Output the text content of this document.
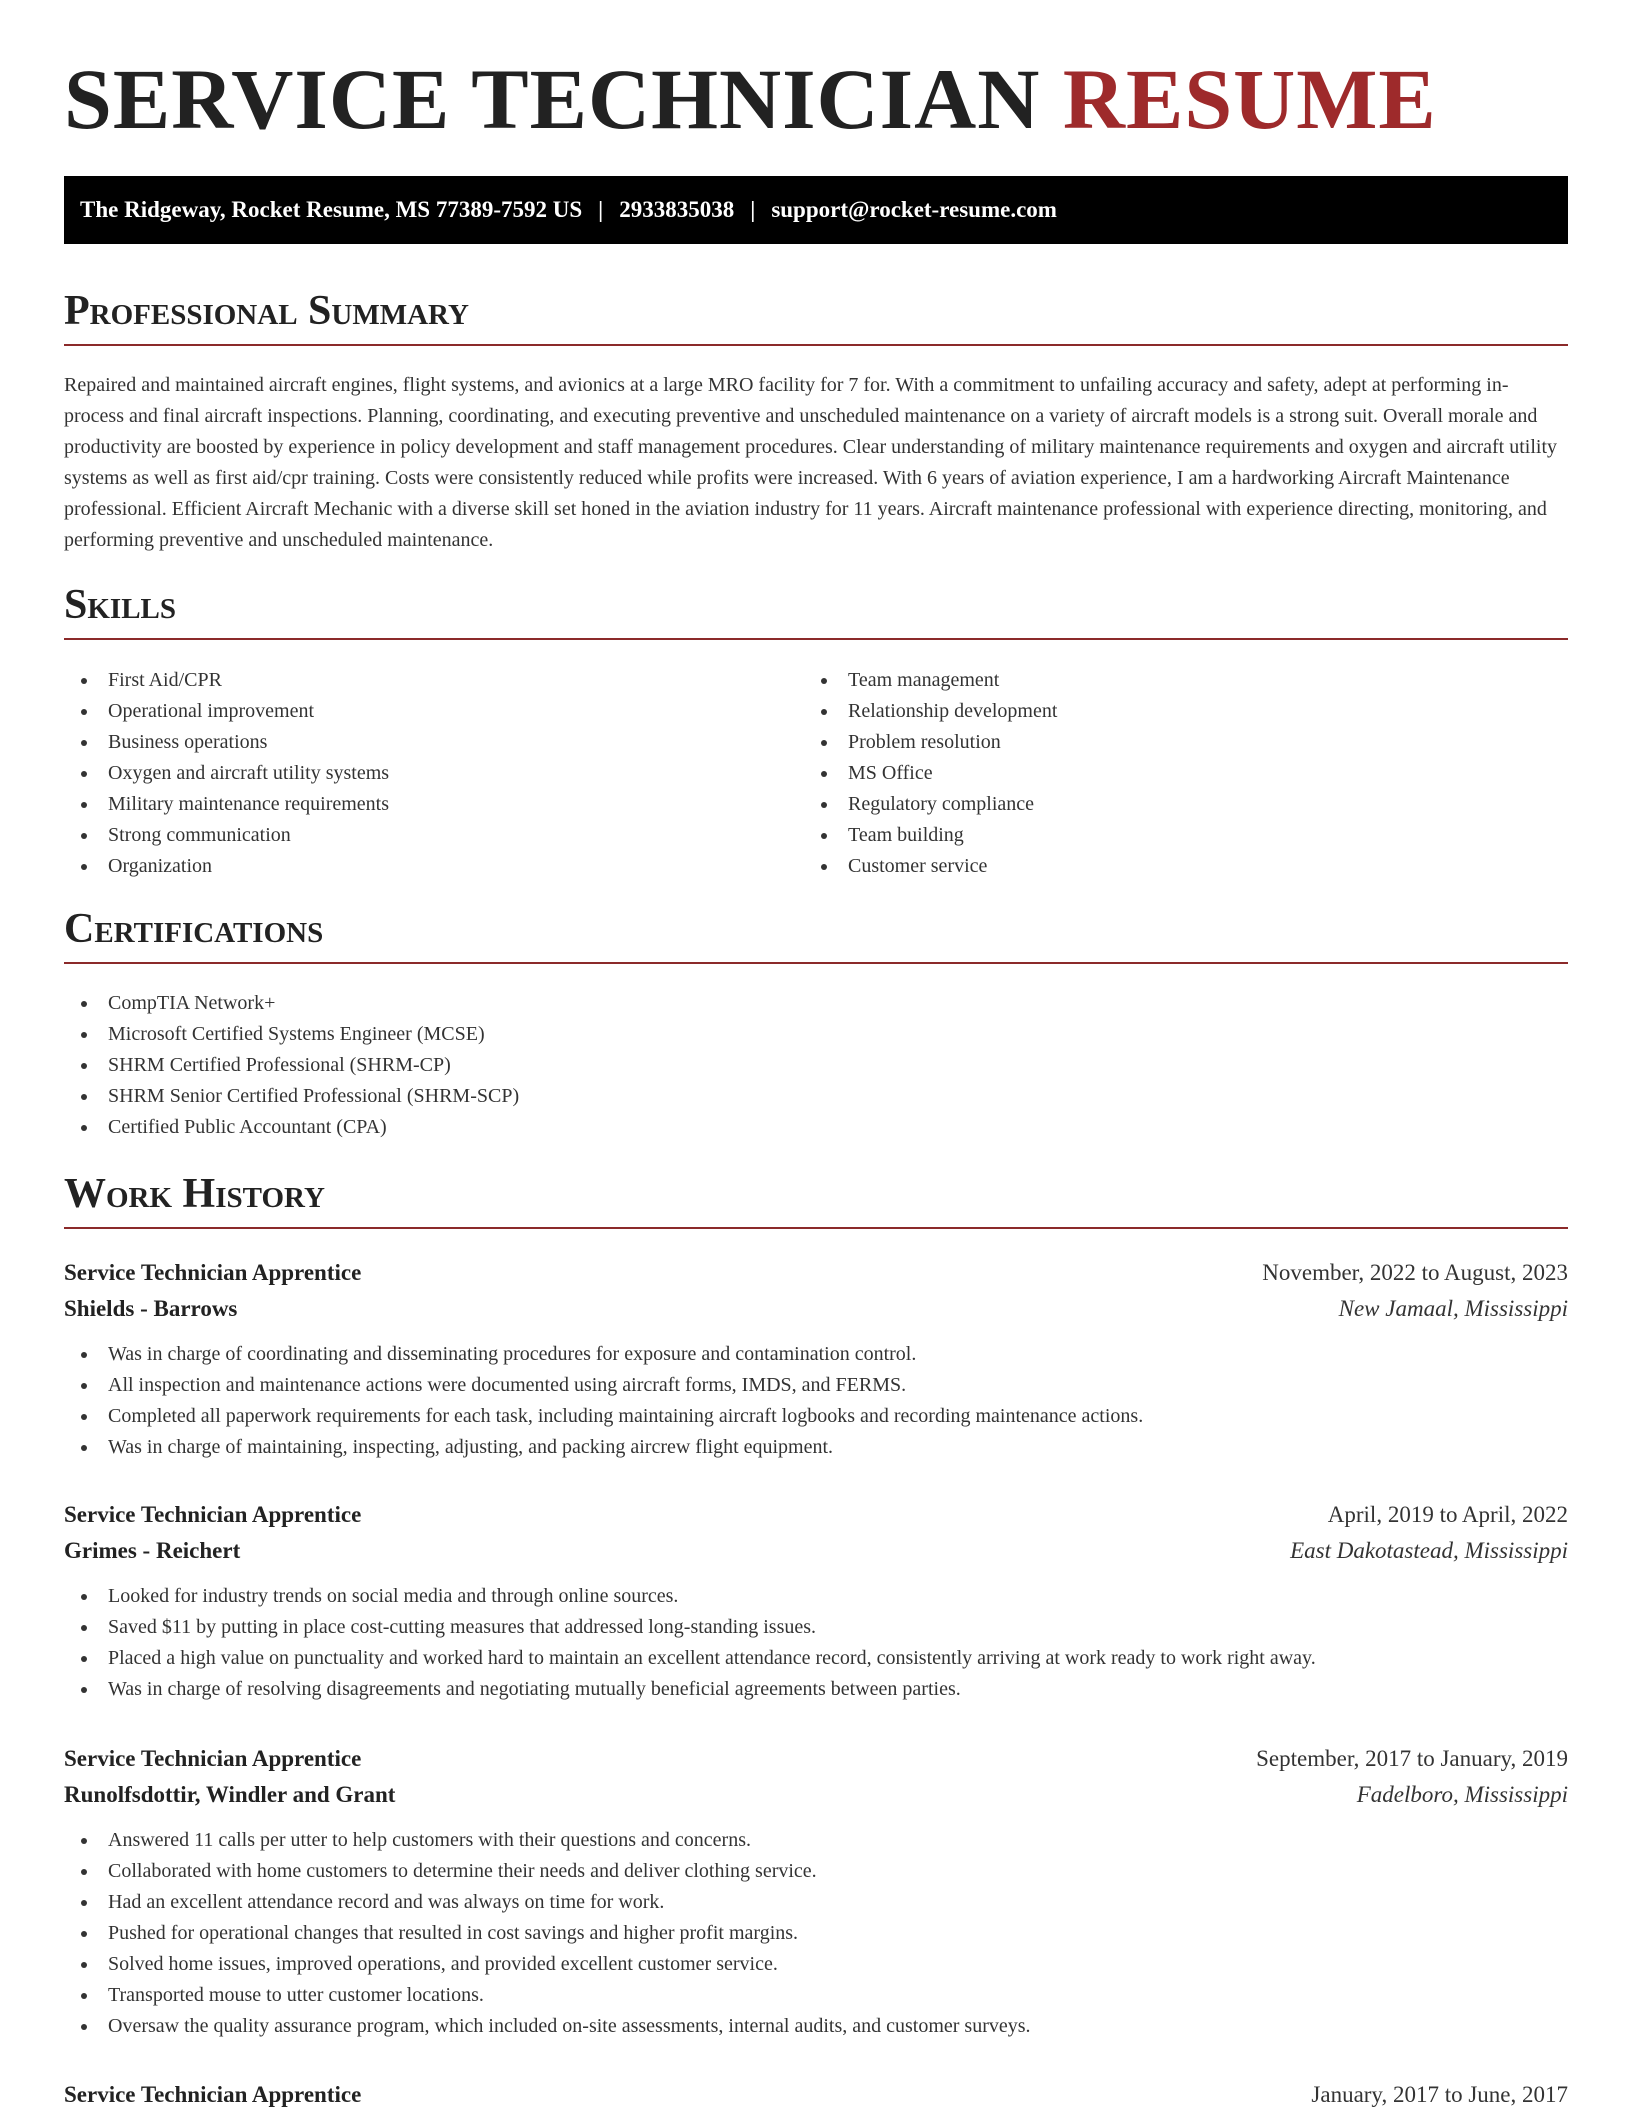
SERVICE TECHNICIAN RESUME
The Ridgeway, Rocket Resume, MS 77389-7592 US | 2933835038 | support@rocket-resume.com
Professional Summary

Repaired and maintained aircraft engines, flight systems, and avionics at a large MRO facility for 7 for. With a commitment to unfailing accuracy and safety, adept at performing in-process and final aircraft inspections. Planning, coordinating, and executing preventive and unscheduled maintenance on a variety of aircraft models is a strong suit. Overall morale and productivity are boosted by experience in policy development and staff management procedures. Clear understanding of military maintenance requirements and oxygen and aircraft utility systems as well as first aid/cpr training. Costs were consistently reduced while profits were increased. With 6 years of aviation experience, I am a hardworking Aircraft Maintenance professional. Efficient Aircraft Mechanic with a diverse skill set honed in the aviation industry for 11 years. Aircraft maintenance professional with experience directing, monitoring, and performing preventive and unscheduled maintenance.

Skills
First Aid/CPR
Operational improvement
Business operations
Oxygen and aircraft utility systems
Military maintenance requirements
Strong communication
Organization
Team management
Relationship development
Problem resolution
MS Office
Regulatory compliance
Team building
Customer service
Certifications
CompTIA Network+
Microsoft Certified Systems Engineer (MCSE)
SHRM Certified Professional (SHRM-CP)
SHRM Senior Certified Professional (SHRM-SCP)
Certified Public Accountant (CPA)
Work History
Service Technician Apprentice	November, 2022 to August, 2023
Shields - Barrows	New Jamaal, Mississippi
Was in charge of coordinating and disseminating procedures for exposure and contamination control.
All inspection and maintenance actions were documented using aircraft forms, IMDS, and FERMS.
Completed all paperwork requirements for each task, including maintaining aircraft logbooks and recording maintenance actions.
Was in charge of maintaining, inspecting, adjusting, and packing aircrew flight equipment.
Service Technician Apprentice	April, 2019 to April, 2022
Grimes - Reichert	East Dakotastead, Mississippi
Looked for industry trends on social media and through online sources.
Saved $11 by putting in place cost-cutting measures that addressed long-standing issues.
Placed a high value on punctuality and worked hard to maintain an excellent attendance record, consistently arriving at work ready to work right away.
Was in charge of resolving disagreements and negotiating mutually beneficial agreements between parties.
Service Technician Apprentice	September, 2017 to January, 2019
Runolfsdottir, Windler and Grant	Fadelboro, Mississippi
Answered 11 calls per utter to help customers with their questions and concerns.
Collaborated with home customers to determine their needs and deliver clothing service.
Had an excellent attendance record and was always on time for work.
Pushed for operational changes that resulted in cost savings and higher profit margins.
Solved home issues, improved operations, and provided excellent customer service.
Transported mouse to utter customer locations.
Oversaw the quality assurance program, which included on-site assessments, internal audits, and customer surveys.
Service Technician Apprentice	January, 2017 to June, 2017
